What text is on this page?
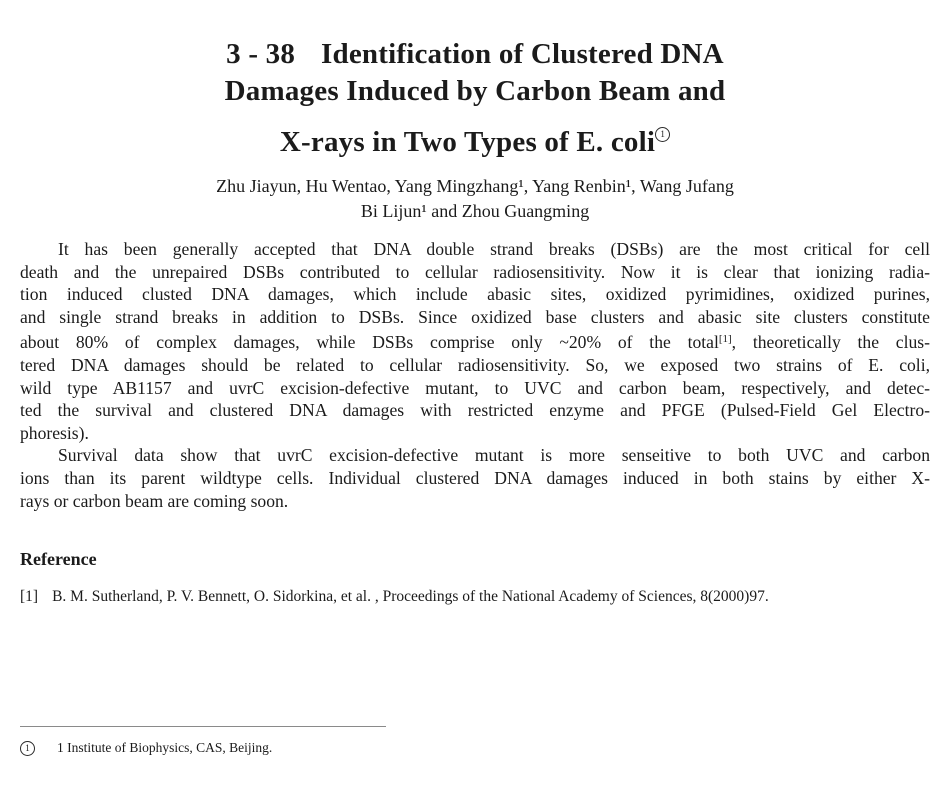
3 - 38 Identification of Clustered DNA
Damages Induced by Carbon Beam and
X-rays in Two Types of E. coli 1
Zhu Jiayun, Hu Wentao, Yang Mingzhang¹, Yang Renbin¹, Wang Jufang
Bi Lijun¹ and Zhou Guangming
It has been generally accepted that DNA double strand breaks (DSBs) are the most critical for cell
death and the unrepaired DSBs contributed to cellular radiosensitivity. Now it is clear that ionizing radia-
tion induced clusted DNA damages, which include abasic sites, oxidized pyrimidines, oxidized purines,
and single strand breaks in addition to DSBs. Since oxidized base clusters and abasic site clusters constitute
about 80% of complex damages, while DSBs comprise only ~20% of the total[1], theoretically the clus-
tered DNA damages should be related to cellular radiosensitivity. So, we exposed two strains of E. coli,
wild type AB1157 and uvrC excision-defective mutant, to UVC and carbon beam, respectively, and detec-
ted the survival and clustered DNA damages with restricted enzyme and PFGE (Pulsed-Field Gel Electro-
phoresis).
Survival data show that uvrC excision-defective mutant is more senseitive to both UVC and carbon
ions than its parent wildtype cells. Individual clustered DNA damages induced in both stains by either X-
rays or carbon beam are coming soon.
Reference
[1] B. M. Sutherland, P. V. Bennett, O. Sidorkina, et al. , Proceedings of the National Academy of Sciences, 8(2000)97.
1	1 Institute of Biophysics, CAS, Beijing.
